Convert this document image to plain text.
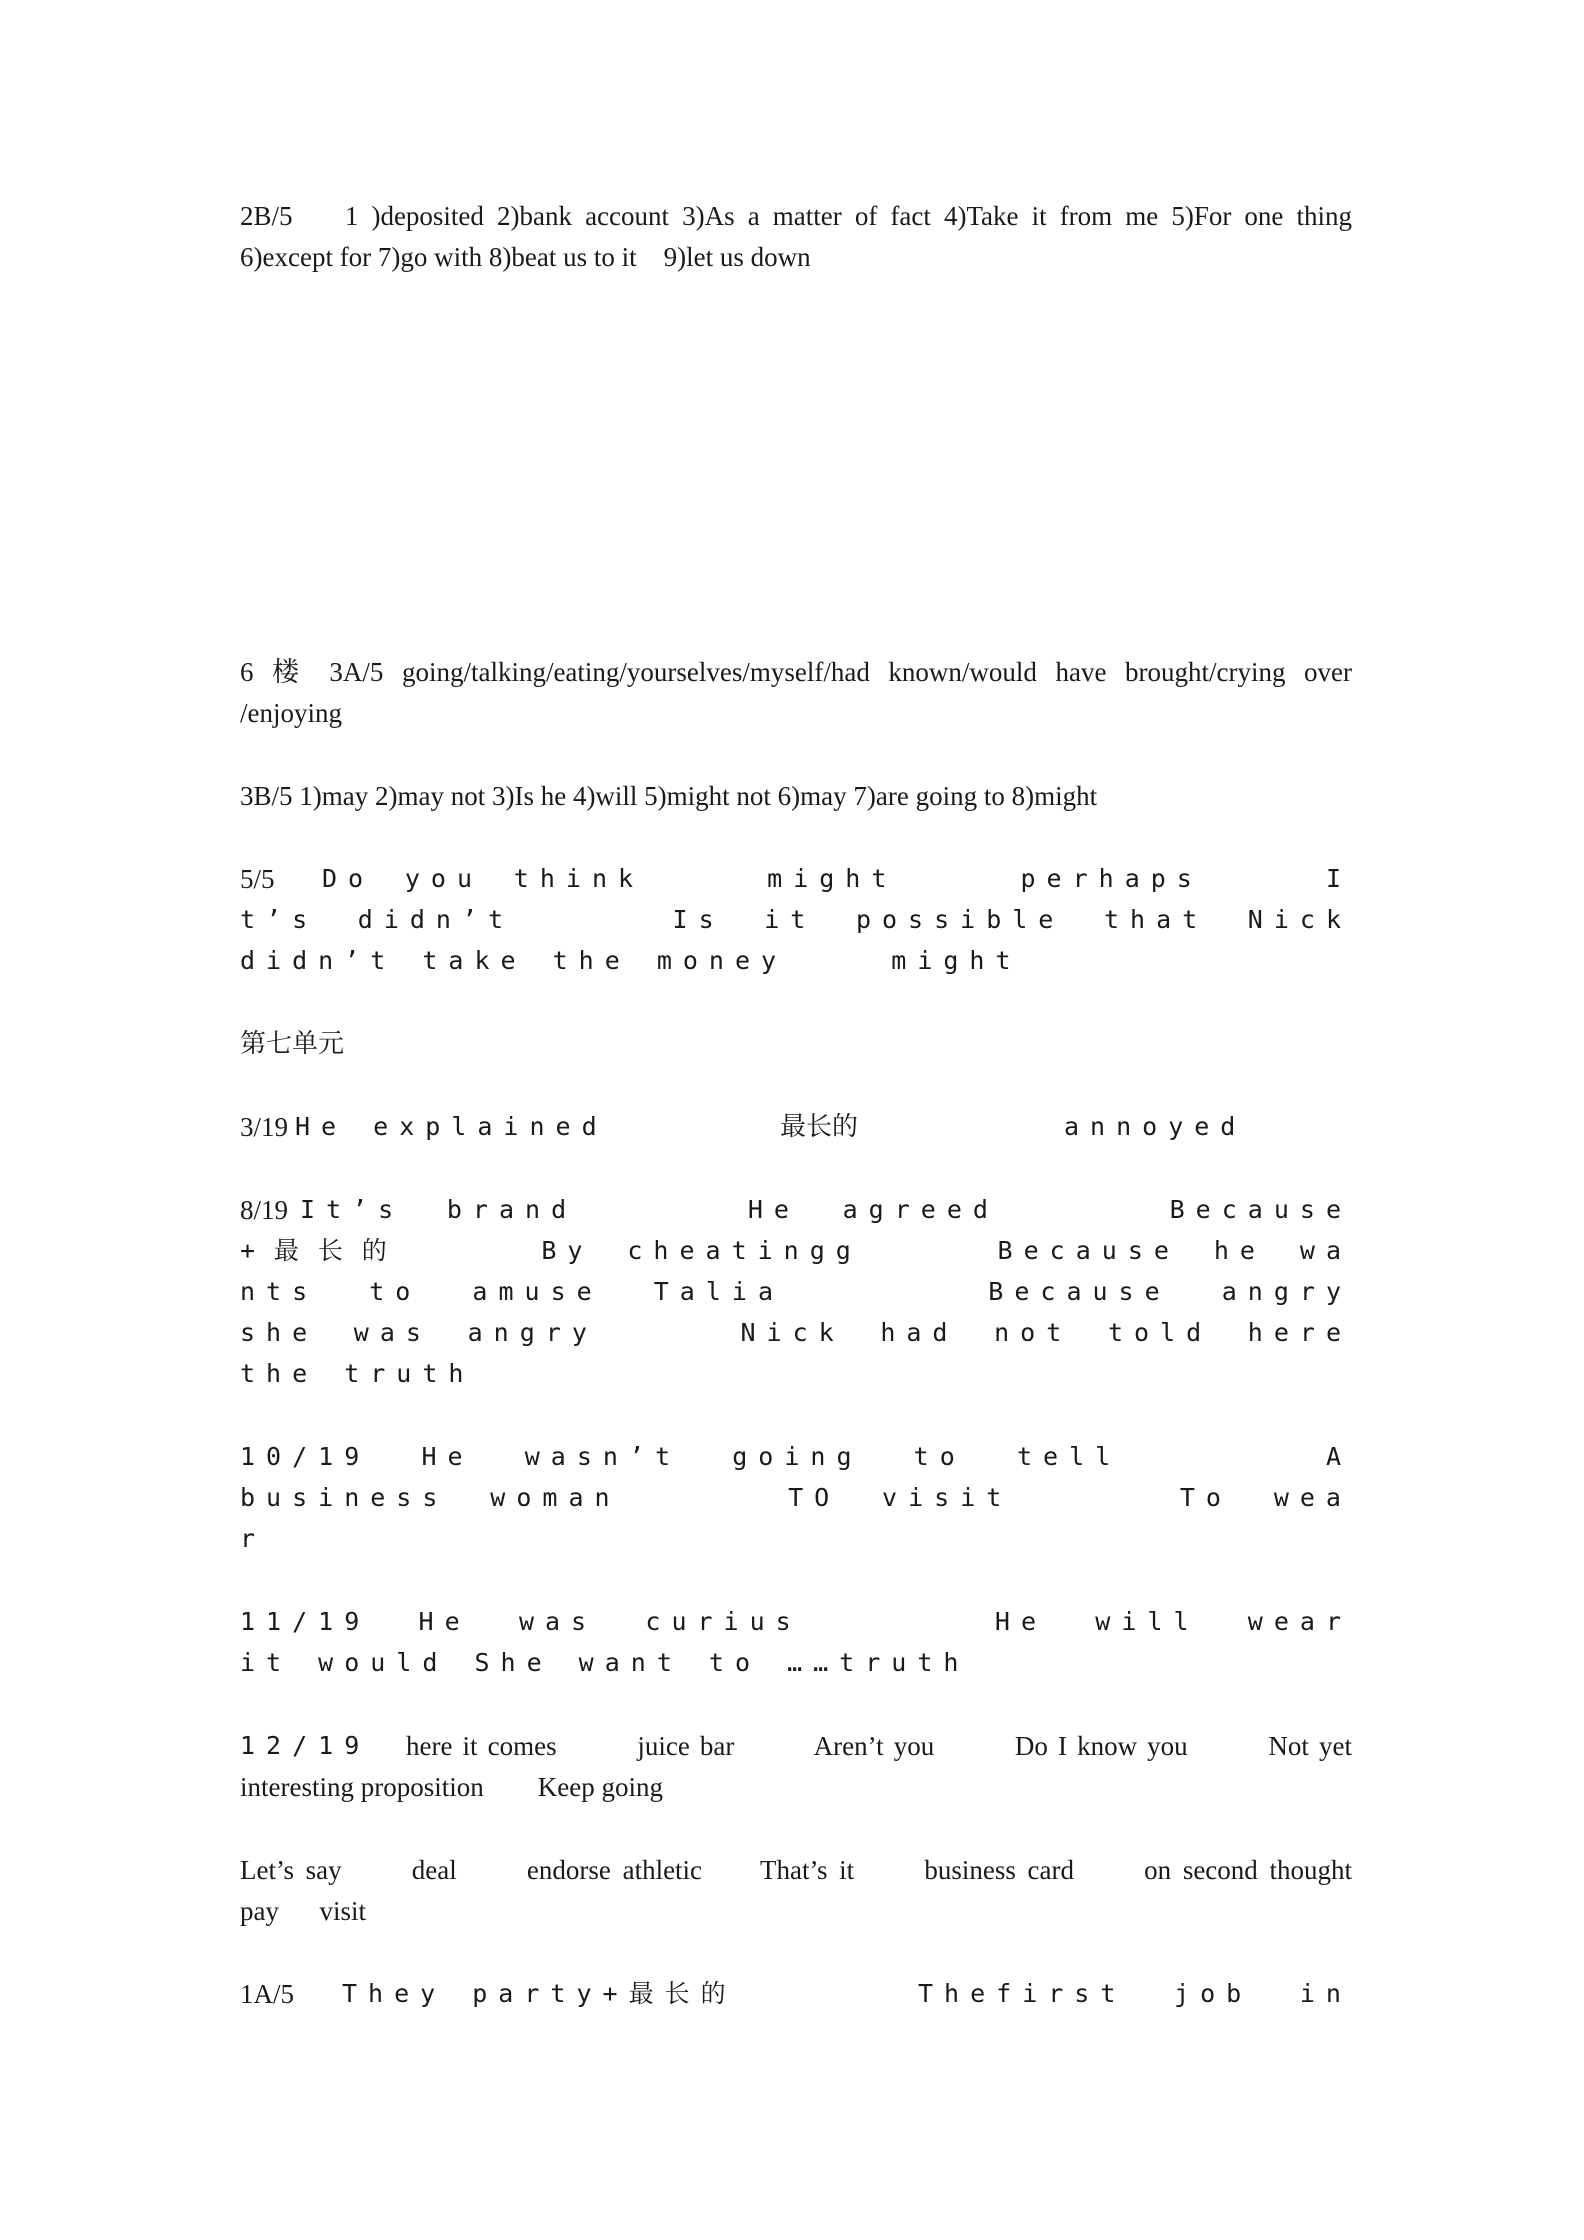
2B/5    1 )deposited 2)bank account 3)As a matter of fact 4)Take it from me 5)For one thing
6)except for 7)go with 8)beat us to it    9)let us down
6 楼 3A/5 going/talking/eating/yourselves/myself/had known/would have brought/crying over
/enjoying
3B/5 1)may 2)may not 3)Is he 4)will 5)might not 6)may 7)are going to 8)might
5/5 Do you think    might    perhaps    I
t’s didn’t    Is it possible that Nick
didn’t take the money    might
第七单元
3/19 He explained	最长的	annoyed
8/19 It’s brand    He agreed    Because
+最长的    By cheatingg    Because he wa
nts to amuse Talia    Because angry
she was angry    Nick had not told here
the truth
10/19 He wasn’t going to tell    A
business woman    TO visit    To wea
r
11/19 He was curius    He will wear
it would She want to ……truth
12/19 here it comes        juice bar        Aren’t you        Do I know you        Not yet
interesting proposition        Keep going
Let’s say      deal      endorse athletic     That’s it      business card      on second thought
pay      visit
1A/5 They party+最长的	Thefirst job in
